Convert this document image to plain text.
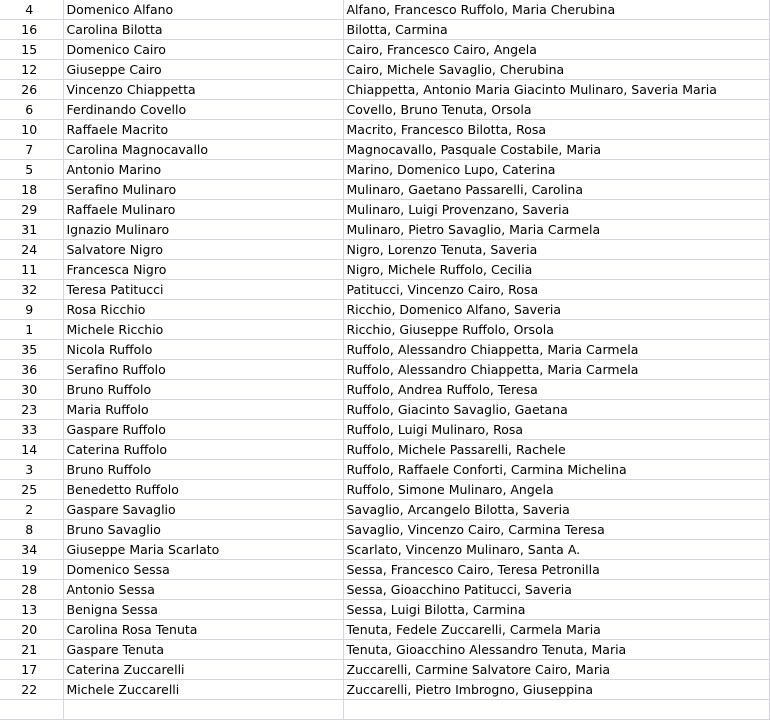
4	Domenico Alfano	Alfano, Francesco Ruffolo, Maria Cherubina
16	Carolina Bilotta	Bilotta, Carmina
15	Domenico Cairo	Cairo, Francesco Cairo, Angela
12	Giuseppe Cairo	Cairo, Michele Savaglio, Cherubina
26	Vincenzo Chiappetta	Chiappetta, Antonio Maria Giacinto Mulinaro, Saveria Maria
6	Ferdinando Covello	Covello, Bruno Tenuta, Orsola
10	Raffaele Macrito	Macrito, Francesco Bilotta, Rosa
7	Carolina Magnocavallo	Magnocavallo, Pasquale Costabile, Maria
5	Antonio Marino	Marino, Domenico Lupo, Caterina
18	Serafino Mulinaro	Mulinaro, Gaetano Passarelli, Carolina
29	Raffaele Mulinaro	Mulinaro, Luigi Provenzano, Saveria
31	Ignazio Mulinaro	Mulinaro, Pietro Savaglio, Maria Carmela
24	Salvatore Nigro	Nigro, Lorenzo Tenuta, Saveria
11	Francesca Nigro	Nigro, Michele Ruffolo, Cecilia
32	Teresa Patitucci	Patitucci, Vincenzo Cairo, Rosa
9	Rosa Ricchio	Ricchio, Domenico Alfano, Saveria
1	Michele Ricchio	Ricchio, Giuseppe Ruffolo, Orsola
35	Nicola Ruffolo	Ruffolo, Alessandro Chiappetta, Maria Carmela
36	Serafino Ruffolo	Ruffolo, Alessandro Chiappetta, Maria Carmela
30	Bruno Ruffolo	Ruffolo, Andrea Ruffolo, Teresa
23	Maria Ruffolo	Ruffolo, Giacinto Savaglio, Gaetana
33	Gaspare Ruffolo	Ruffolo, Luigi Mulinaro, Rosa
14	Caterina Ruffolo	Ruffolo, Michele Passarelli, Rachele
3	Bruno Ruffolo	Ruffolo, Raffaele Conforti, Carmina Michelina
25	Benedetto Ruffolo	Ruffolo, Simone Mulinaro, Angela
2	Gaspare Savaglio	Savaglio, Arcangelo Bilotta, Saveria
8	Bruno Savaglio	Savaglio, Vincenzo Cairo, Carmina Teresa
34	Giuseppe Maria Scarlato	Scarlato, Vincenzo Mulinaro, Santa A.
19	Domenico Sessa	Sessa, Francesco Cairo, Teresa Petronilla
28	Antonio Sessa	Sessa, Gioacchino Patitucci, Saveria
13	Benigna Sessa	Sessa, Luigi Bilotta, Carmina
20	Carolina Rosa Tenuta	Tenuta, Fedele Zuccarelli, Carmela Maria
21	Gaspare Tenuta	Tenuta, Gioacchino Alessandro Tenuta, Maria
17	Caterina Zuccarelli	Zuccarelli, Carmine Salvatore Cairo, Maria
22	Michele Zuccarelli	Zuccarelli, Pietro Imbrogno, Giuseppina
